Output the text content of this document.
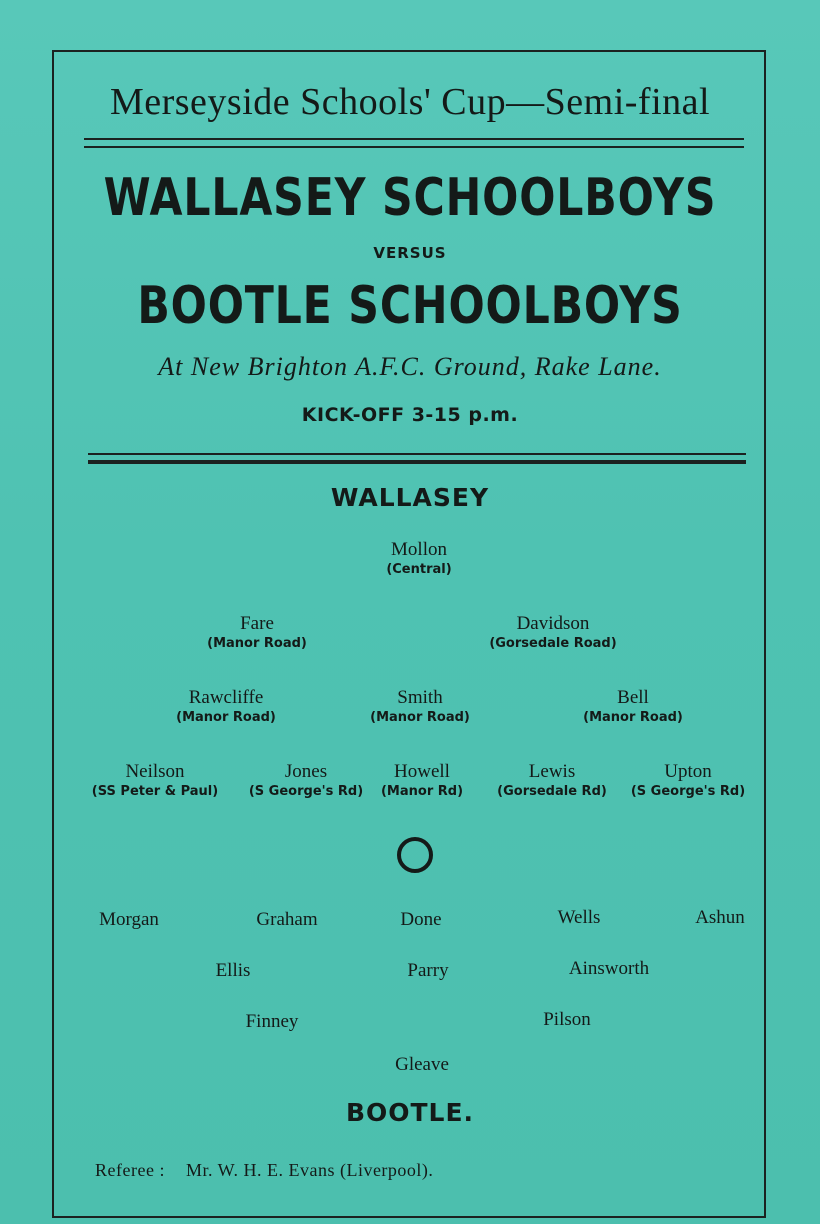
Merseyside Schools' Cup—Semi-final
WALLASEY SCHOOLBOYS
VERSUS
BOOTLE SCHOOLBOYS
At New Brighton A.F.C. Ground, Rake Lane.
KICK-OFF 3-15 p.m.
WALLASEY
Mollon
(Central)
Fare
(Manor Road)
Davidson
(Gorsedale Road)
Rawcliffe
(Manor Road)
Smith
(Manor Road)
Bell
(Manor Road)
Neilson
(SS Peter & Paul)
Jones
(S George's Rd)
Howell
(Manor Rd)
Lewis
(Gorsedale Rd)
Upton
(S George's Rd)
Morgan	Graham	Done	Wells	Ashun
Ellis	Parry	Ainsworth
Finney	Pilson
Gleave
BOOTLE.
Referee : Mr. W. H. E. Evans (Liverpool).
